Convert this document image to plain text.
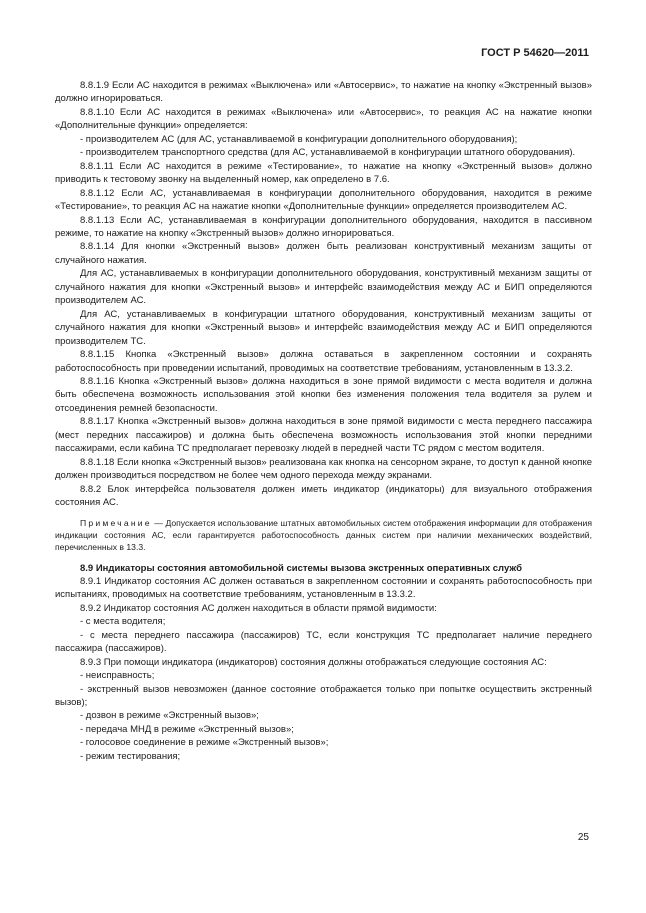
ГОСТ Р 54620—2011

8.8.1.9 Если АС находится в режимах «Выключена» или «Автосервис», то нажатие на кнопку «Экстренный вызов» должно игнорироваться.

8.8.1.10 Если АС находится в режимах «Выключена» или «Автосервис», то реакция АС на нажатие кнопки «Дополнительные функции» определяется:

- производителем АС (для АС, устанавливаемой в конфигурации дополнительного оборудования);

- производителем транспортного средства (для АС, устанавливаемой в конфигурации штатного оборудования).

8.8.1.11 Если АС находится в режиме «Тестирование», то нажатие на кнопку «Экстренный вызов» должно приводить к тестовому звонку на выделенный номер, как определено в 7.6.

8.8.1.12 Если АС, устанавливаемая в конфигурации дополнительного оборудования, находится в режиме «Тестирование», то реакция АС на нажатие кнопки «Дополнительные функции» определяется производителем АС.

8.8.1.13 Если АС, устанавливаемая в конфигурации дополнительного оборудования, находится в пассивном режиме, то нажатие на кнопку «Экстренный вызов» должно игнорироваться.

8.8.1.14 Для кнопки «Экстренный вызов» должен быть реализован конструктивный механизм защиты от случайного нажатия.

Для АС, устанавливаемых в конфигурации дополнительного оборудования, конструктивный механизм защиты от случайного нажатия для кнопки «Экстренный вызов» и интерфейс взаимодействия между АС и БИП определяются производителем АС.

Для АС, устанавливаемых в конфигурации штатного оборудования, конструктивный механизм защиты от случайного нажатия для кнопки «Экстренный вызов» и интерфейс взаимодействия между АС и БИП определяются производителем ТС.

8.8.1.15 Кнопка «Экстренный вызов» должна оставаться в закрепленном состоянии и сохранять работоспособность при проведении испытаний, проводимых на соответствие требованиям, установленным в 13.3.2.

8.8.1.16 Кнопка «Экстренный вызов» должна находиться в зоне прямой видимости с места водителя и должна быть обеспечена возможность использования этой кнопки без изменения положения тела водителя за рулем и отсоединения ремней безопасности.

8.8.1.17 Кнопка «Экстренный вызов» должна находиться в зоне прямой видимости с места переднего пассажира (мест передних пассажиров) и должна быть обеспечена возможность использования этой кнопки передними пассажирами, если кабина ТС предполагает перевозку людей в передней части ТС рядом с местом водителя.

8.8.1.18 Если кнопка «Экстренный вызов» реализована как кнопка на сенсорном экране, то доступ к данной кнопке должен производиться посредством не более чем одного перехода между экранами.

8.8.2 Блок интерфейса пользователя должен иметь индикатор (индикаторы) для визуального отображения состояния АС.

Примечание — Допускается использование штатных автомобильных систем отображения информации для отображения индикации состояния АС, если гарантируется работоспособность данных систем при наличии механических воздействий, перечисленных в 13.3.

8.9 Индикаторы состояния автомобильной системы вызова экстренных оперативных служб

8.9.1 Индикатор состояния АС должен оставаться в закрепленном состоянии и сохранять работоспособность при испытаниях, проводимых на соответствие требованиям, установленным в 13.3.2.

8.9.2 Индикатор состояния АС должен находиться в области прямой видимости:

- с места водителя;

- с места переднего пассажира (пассажиров) ТС, если конструкция ТС предполагает наличие переднего пассажира (пассажиров).

8.9.3 При помощи индикатора (индикаторов) состояния должны отображаться следующие состояния АС:

- неисправность;

- экстренный вызов невозможен (данное состояние отображается только при попытке осуществить экстренный вызов);

- дозвон в режиме «Экстренный вызов»;

- передача МНД в режиме «Экстренный вызов»;

- голосовое соединение в режиме «Экстренный вызов»;

- режим тестирования;

25
